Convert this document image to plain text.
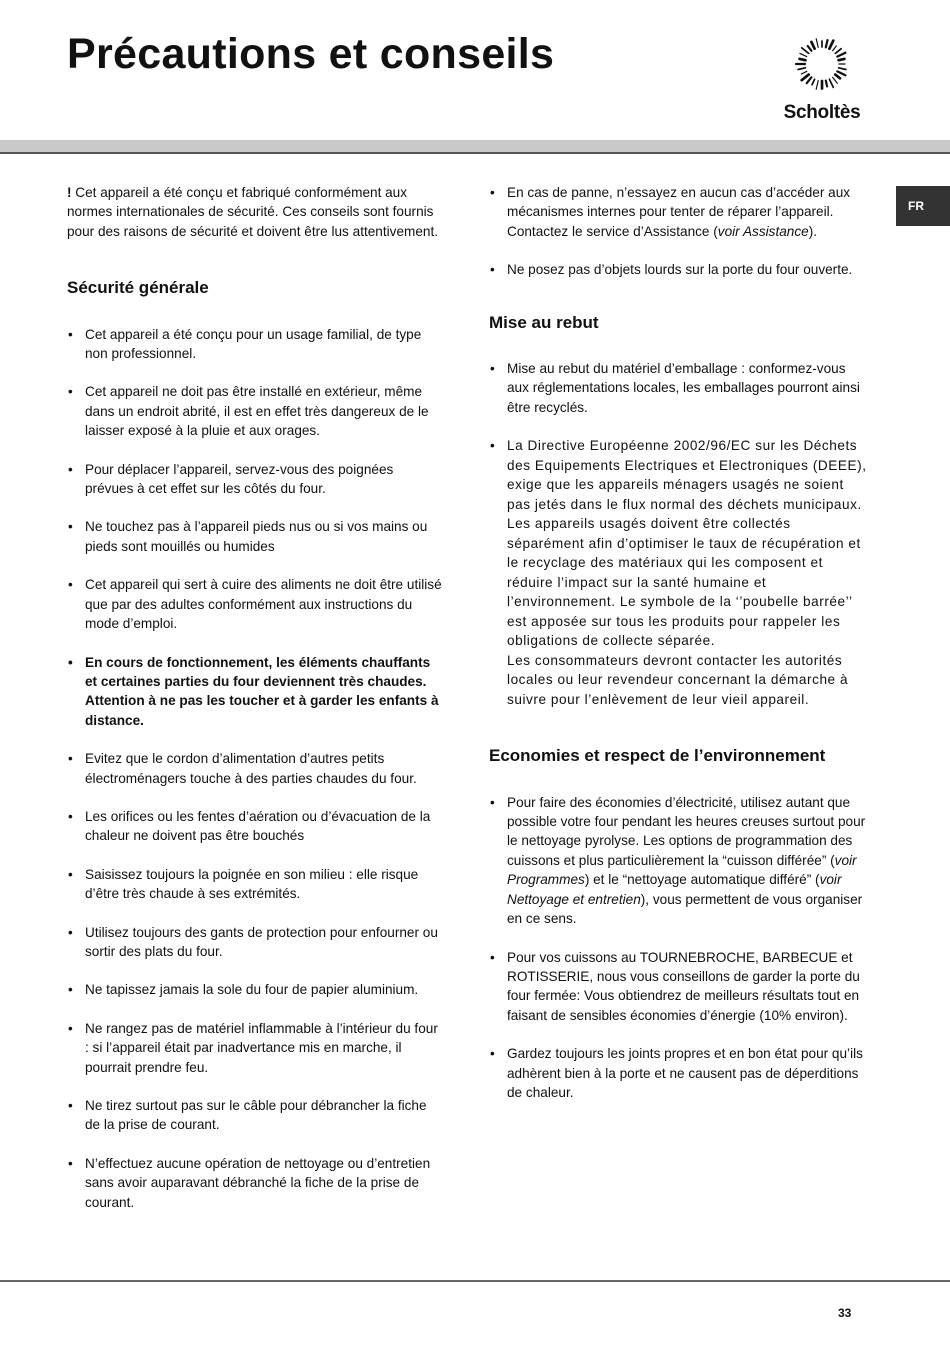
Précautions et conseils
Scholtès
FR

! Cet appareil a été conçu et fabriqué conformément aux normes internationales de sécurité. Ces conseils sont fournis pour des raisons de sécurité et doivent être lus attentivement.

Sécurité générale
• Cet appareil a été conçu pour un usage familial, de type non professionnel.
• Cet appareil ne doit pas être installé en extérieur, même dans un endroit abrité, il est en effet très dangereux de le laisser exposé à la pluie et aux orages.
• Pour déplacer l’appareil, servez-vous des poignées prévues à cet effet sur les côtés du four.
• Ne touchez pas à l’appareil pieds nus ou si vos mains ou pieds sont mouillés ou humides
• Cet appareil qui sert à cuire des aliments ne doit être utilisé que par des adultes conformément aux instructions du mode d’emploi.
• En cours de fonctionnement, les éléments chauffants et certaines parties du four deviennent très chaudes. Attention à ne pas les toucher et à garder les enfants à distance.
• Evitez que le cordon d’alimentation d’autres petits électroménagers touche à des parties chaudes du four.
• Les orifices ou les fentes d’aération ou d’évacuation de la chaleur ne doivent pas être bouchés
• Saisissez toujours la poignée en son milieu : elle risque d’être très chaude à ses extrémités.
• Utilisez toujours des gants de protection pour enfourner ou sortir des plats du four.
• Ne tapissez jamais la sole du four de papier aluminium.
• Ne rangez pas de matériel inflammable à l’intérieur du four : si l’appareil était par inadvertance mis en marche, il pourrait prendre feu.
• Ne tirez surtout pas sur le câble pour débrancher la fiche de la prise de courant.
• N’effectuez aucune opération de nettoyage ou d’entretien sans avoir auparavant débranché la fiche de la prise de courant.
• En cas de panne, n’essayez en aucun cas d’accéder aux mécanismes internes pour tenter de réparer l’appareil. Contactez le service d’Assistance (voir Assistance).
• Ne posez pas d’objets lourds sur la porte du four ouverte.
Mise au rebut
• Mise au rebut du matériel d’emballage : conformez-vous aux réglementations locales, les emballages pourront ainsi être recyclés.
• La Directive Européenne 2002/96/EC sur les Déchets des Equipements Electriques et Electroniques (DEEE), exige que les appareils ménagers usagés ne soient pas jetés dans le flux normal des déchets municipaux. Les appareils usagés doivent être collectés séparément afin d’optimiser le taux de récupération et le recyclage des matériaux qui les composent et réduire l’impact sur la santé humaine et l’environnement. Le symbole de la ‘’poubelle barrée’’ est apposée sur tous les produits pour rappeler les obligations de collecte séparée.
Les consommateurs devront contacter les autorités locales ou leur revendeur concernant la démarche à suivre pour l’enlèvement de leur vieil appareil.
Economies et respect de l’environnement
• Pour faire des économies d’électricité, utilisez autant que possible votre four pendant les heures creuses surtout pour le nettoyage pyrolyse. Les options de programmation des cuissons et plus particulièrement la “cuisson différée” (voir Programmes) et le “nettoyage automatique différé” (voir Nettoyage et entretien), vous permettent de vous organiser en ce sens.
• Pour vos cuissons au TOURNEBROCHE, BARBECUE et ROTISSERIE, nous vous conseillons de garder la porte du four fermée: Vous obtiendrez de meilleurs résultats tout en faisant de sensibles économies d’énergie (10% environ).
• Gardez toujours les joints propres et en bon état pour qu’ils adhèrent bien à la porte et ne causent pas de déperditions de chaleur.
33
